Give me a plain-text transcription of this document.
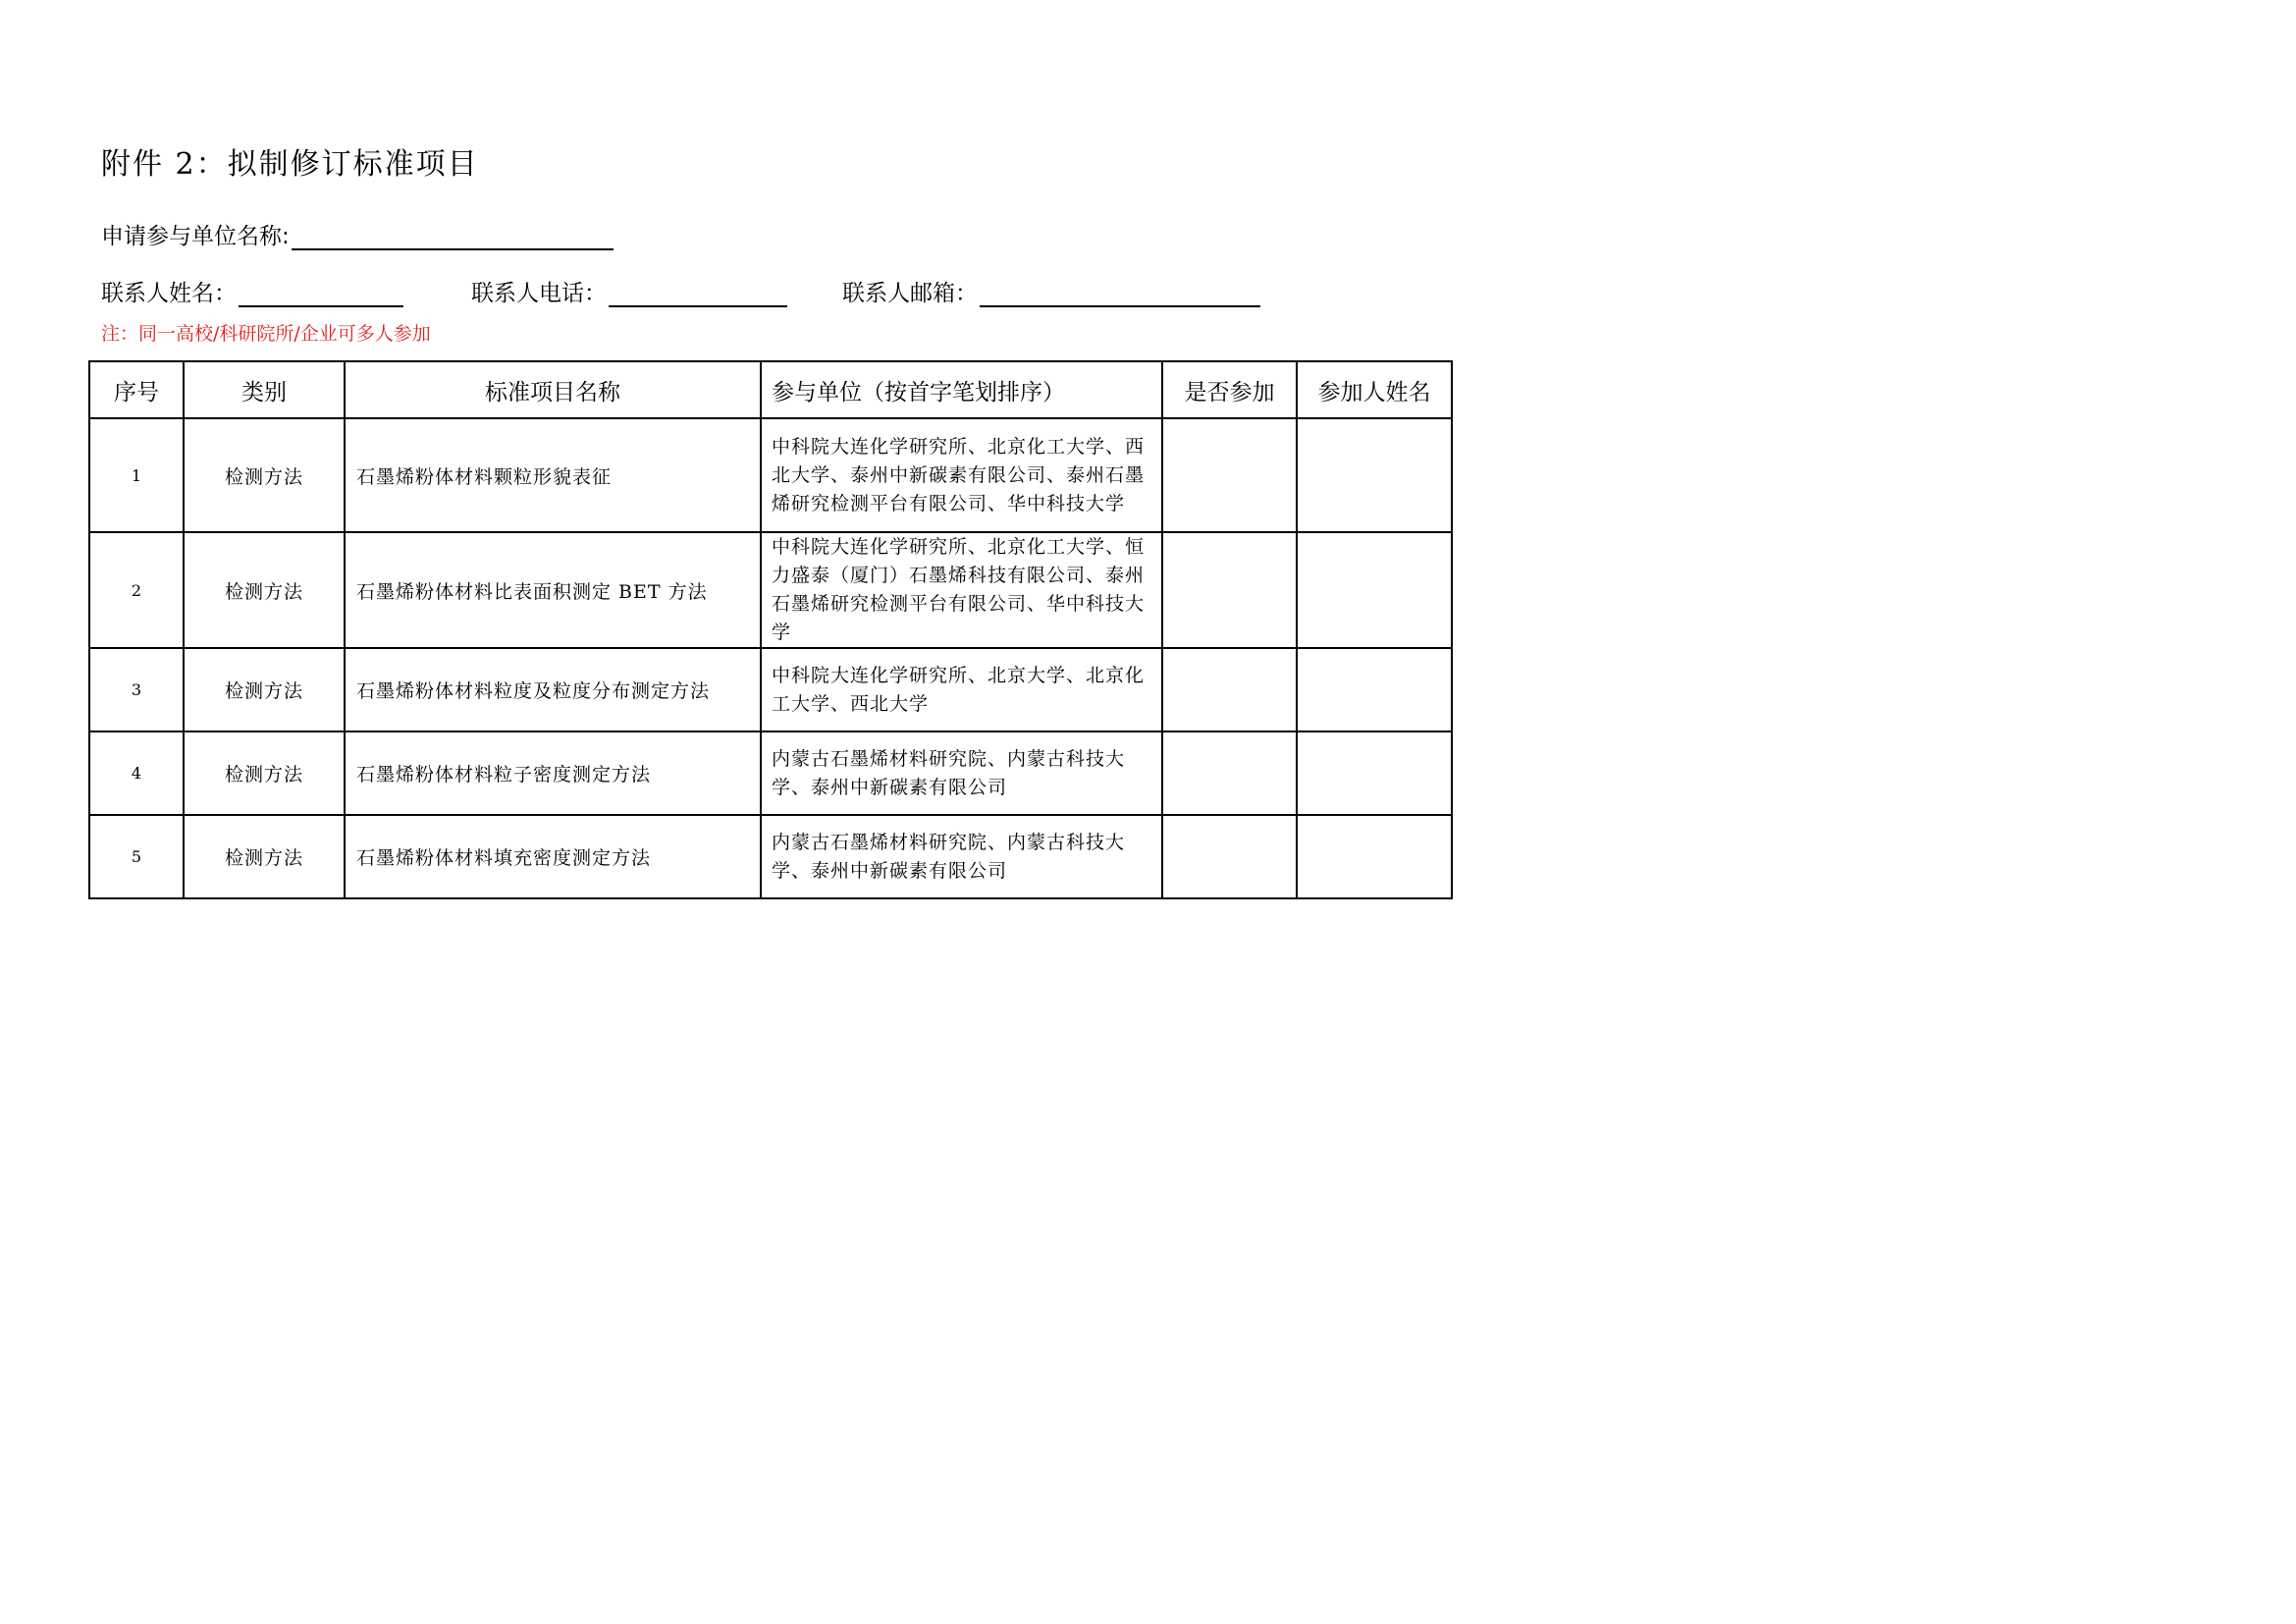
附件 2：拟制修订标准项目
申请参与单位名称:
联系人姓名：	联系人电话：	联系人邮箱：
注：同一高校/科研院所/企业可多人参加
序号	类别	标准项目名称	参与单位（按首字笔划排序）	是否参加	参加人姓名
1	检测方法	石墨烯粉体材料颗粒形貌表征	中科院大连化学研究所、北京化工大学、西北大学、泰州中新碳素有限公司、泰州石墨烯研究检测平台有限公司、华中科技大学		
2	检测方法	石墨烯粉体材料比表面积测定 BET 方法	中科院大连化学研究所、北京化工大学、恒力盛泰（厦门）石墨烯科技有限公司、泰州石墨烯研究检测平台有限公司、华中科技大学		
3	检测方法	石墨烯粉体材料粒度及粒度分布测定方法	中科院大连化学研究所、北京大学、北京化工大学、西北大学		
4	检测方法	石墨烯粉体材料粒子密度测定方法	内蒙古石墨烯材料研究院、内蒙古科技大学、泰州中新碳素有限公司		
5	检测方法	石墨烯粉体材料填充密度测定方法	内蒙古石墨烯材料研究院、内蒙古科技大学、泰州中新碳素有限公司		
